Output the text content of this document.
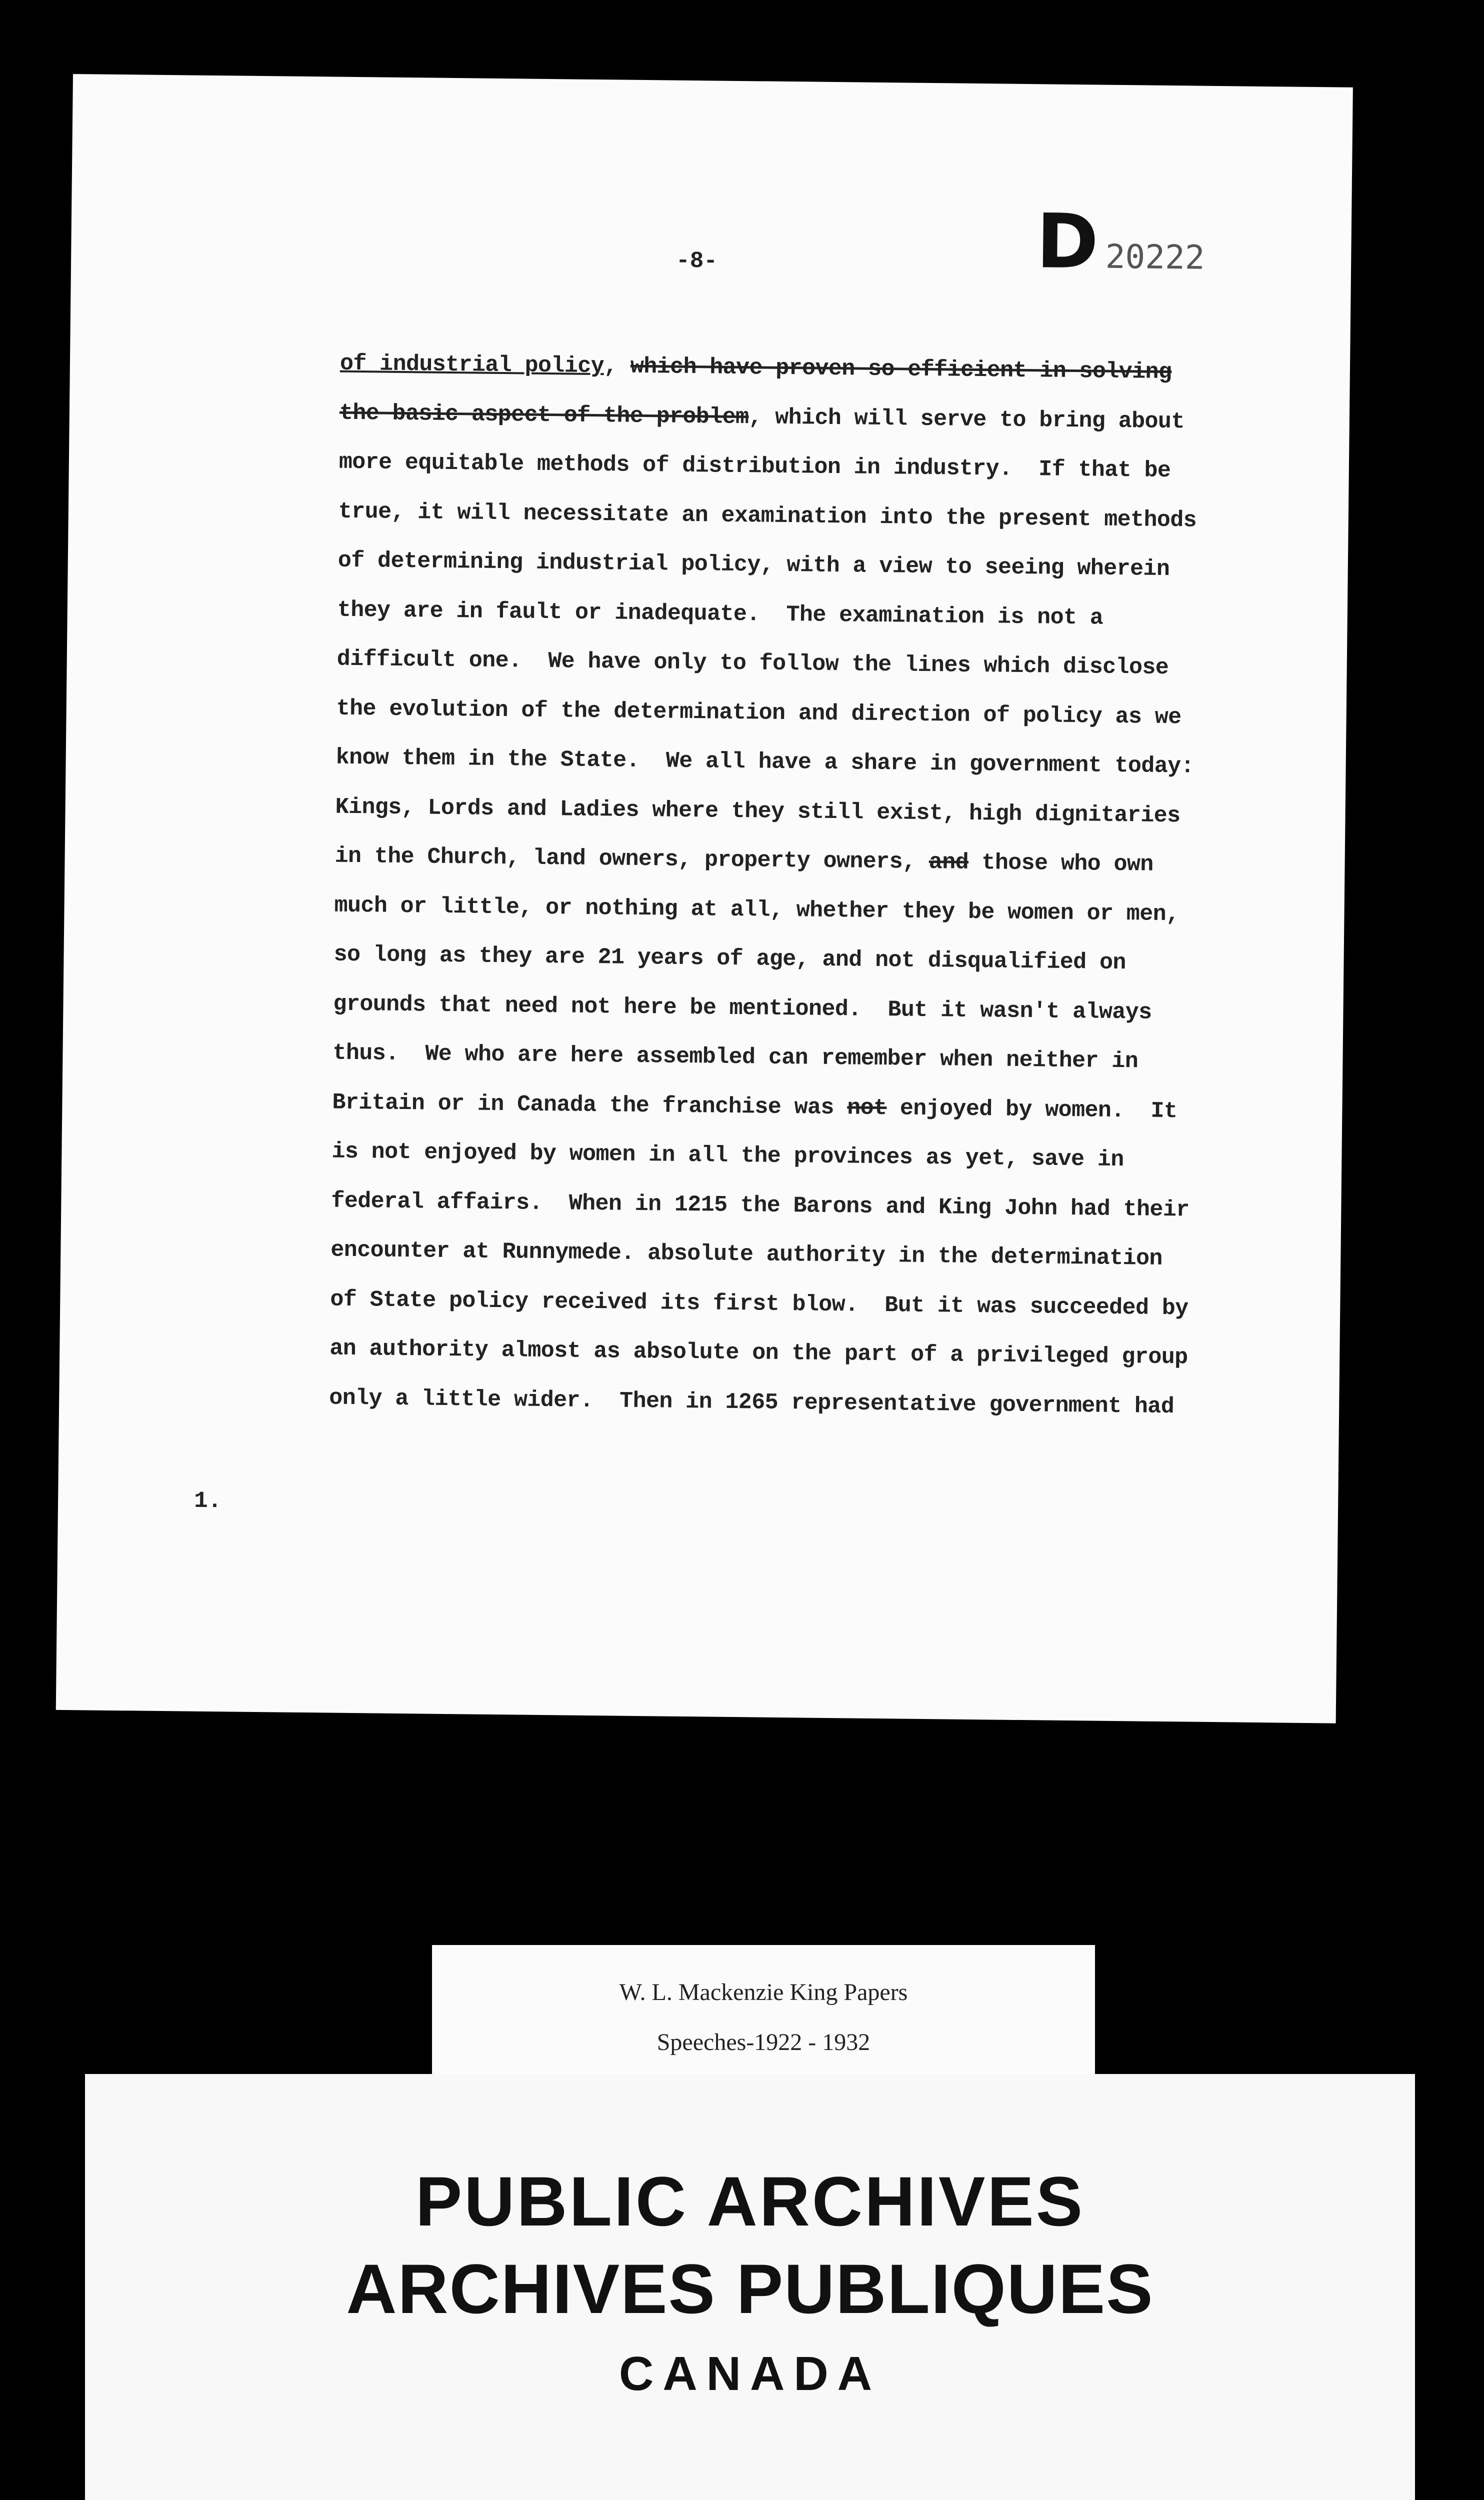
D 20222
-8-
of industrial policy, which have proven so efficient in solving
the basic aspect of the problem, which will serve to bring about
more equitable methods of distribution in industry.  If that be
true, it will necessitate an examination into the present methods
of determining industrial policy, with a view to seeing wherein
they are in fault or inadequate.  The examination is not a
difficult one.  We have only to follow the lines which disclose
the evolution of the determination and direction of policy as we
know them in the State.  We all have a share in government today:
Kings, Lords and Ladies where they still exist, high dignitaries
in the Church, land owners, property owners, and those who own
much or little, or nothing at all, whether they be women or men,
so long as they are 21 years of age, and not disqualified on
grounds that need not here be mentioned.  But it wasn't always
thus.  We who are here assembled can remember when neither in
Britain or in Canada the franchise was not enjoyed by women.  It
is not enjoyed by women in all the provinces as yet, save in
federal affairs.  When in 1215 the Barons and King John had their
encounter at Runnymede. absolute authority in the determination
of State policy received its first blow.  But it was succeeded by
an authority almost as absolute on the part of a privileged group
only a little wider.  Then in 1265 representative government had
1.
W. L. Mackenzie King Papers
Speeches-1922 - 1932
PUBLIC ARCHIVES
ARCHIVES PUBLIQUES
CANADA
